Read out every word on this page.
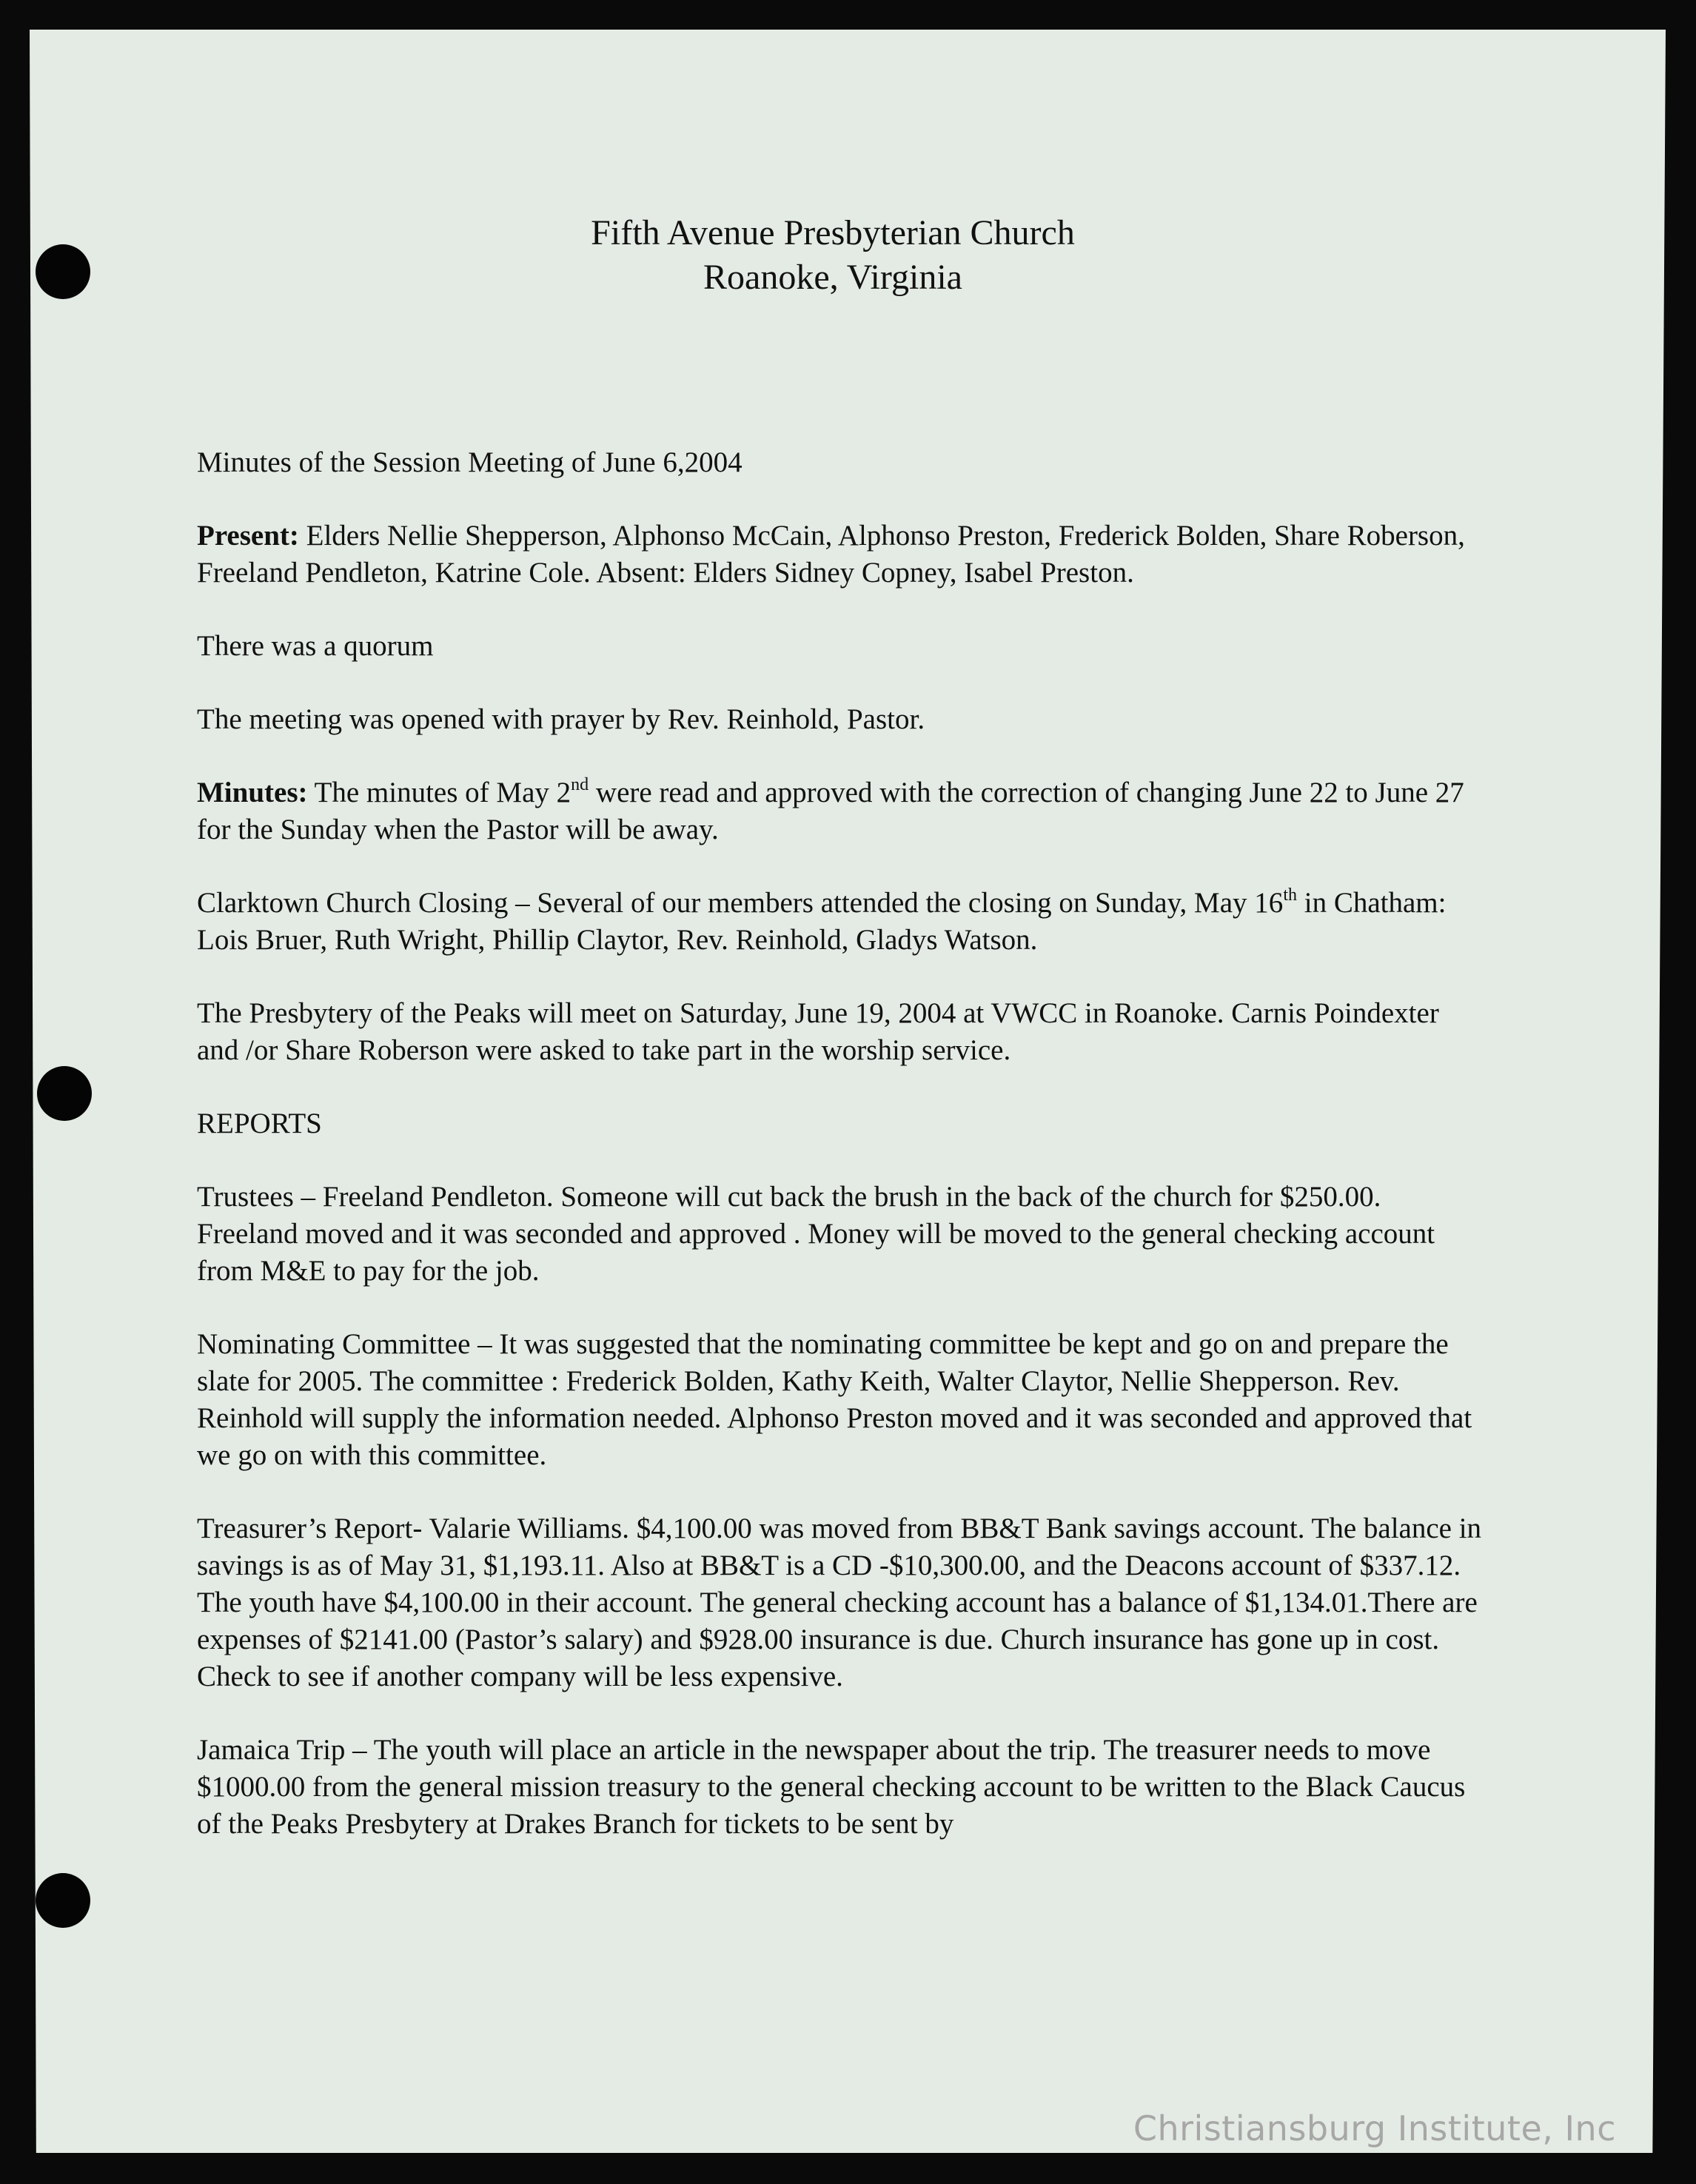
Fifth Avenue Presbyterian Church
Roanoke, Virginia

Minutes of the Session Meeting of June 6,2004

Present: Elders Nellie Shepperson, Alphonso McCain, Alphonso Preston, Frederick Bolden, Share Roberson, Freeland Pendleton, Katrine Cole. Absent: Elders Sidney Copney, Isabel Preston.

There was a quorum

The meeting was opened with prayer by Rev. Reinhold, Pastor.

Minutes: The minutes of May 2nd were read and approved with the correction of changing June 22 to June 27 for the Sunday when the Pastor will be away.

Clarktown Church Closing – Several of our members attended the closing on Sunday, May 16th in Chatham: Lois Bruer, Ruth Wright, Phillip Claytor, Rev. Reinhold, Gladys Watson.

The Presbytery of the Peaks will meet on Saturday, June 19, 2004 at VWCC in Roanoke. Carnis Poindexter and /or Share Roberson were asked to take part in the worship service.

REPORTS

Trustees – Freeland Pendleton. Someone will cut back the brush in the back of the church for $250.00. Freeland moved and it was seconded and approved . Money will be moved to the general checking account from M&E to pay for the job.

Nominating Committee – It was suggested that the nominating committee be kept and go on and prepare the slate for 2005. The committee : Frederick Bolden, Kathy Keith, Walter Claytor, Nellie Shepperson. Rev. Reinhold will supply the information needed. Alphonso Preston moved and it was seconded and approved that we go on with this committee.

Treasurer’s Report- Valarie Williams. $4,100.00 was moved from BB&T Bank savings account. The balance in savings is as of May 31, $1,193.11. Also at BB&T is a CD -$10,300.00, and the Deacons account of $337.12. The youth have $4,100.00 in their account. The general checking account has a balance of $1,134.01.There are expenses of $2141.00 (Pastor’s salary) and $928.00 insurance is due. Church insurance has gone up in cost. Check to see if another company will be less expensive.

Jamaica Trip – The youth will place an article in the newspaper about the trip. The treasurer needs to move $1000.00 from the general mission treasury to the general checking account to be written to the Black Caucus of the Peaks Presbytery at Drakes Branch for tickets to be sent by

Christiansburg Institute, Inc
